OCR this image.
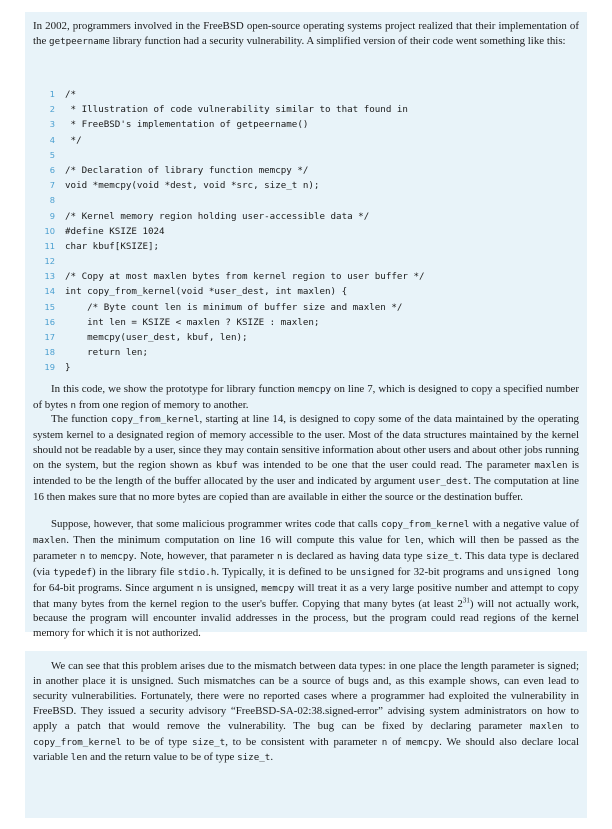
In 2002, programmers involved in the FreeBSD open-source operating systems project realized that their implementation of the getpeername library function had a security vulnerability. A simplified version of their code went something like this:
1 /*
2 * Illustration of code vulnerability similar to that found in
3 * FreeBSD's implementation of getpeername()
4 */
5
6 /* Declaration of library function memcpy */
7 void *memcpy(void *dest, void *src, size_t n);
8
9 /* Kernel memory region holding user-accessible data */
10 #define KSIZE 1024
11 char kbuf[KSIZE];
12
13 /* Copy at most maxlen bytes from kernel region to user buffer */
14 int copy_from_kernel(void *user_dest, int maxlen) {
15 /* Byte count len is minimum of buffer size and maxlen */
16 int len = KSIZE < maxlen ? KSIZE : maxlen;
17 memcpy(user_dest, kbuf, len);
18 return len;
19 }
In this code, we show the prototype for library function memcpy on line 7, which is designed to copy a specified number of bytes n from one region of memory to another.
The function copy_from_kernel, starting at line 14, is designed to copy some of the data maintained by the operating system kernel to a designated region of memory accessible to the user. Most of the data structures maintained by the kernel should not be readable by a user, since they may contain sensitive information about other users and about other jobs running on the system, but the region shown as kbuf was intended to be one that the user could read. The parameter maxlen is intended to be the length of the buffer allocated by the user and indicated by argument user_dest. The computation at line 16 then makes sure that no more bytes are copied than are available in either the source or the destination buffer.
Suppose, however, that some malicious programmer writes code that calls copy_from_kernel with a negative value of maxlen. Then the minimum computation on line 16 will compute this value for len, which will then be passed as the parameter n to memcpy. Note, however, that parameter n is declared as having data type size_t. This data type is declared (via typedef) in the library file stdio.h. Typically, it is defined to be unsigned for 32-bit programs and unsigned long for 64-bit programs. Since argument n is unsigned, memcpy will treat it as a very large positive number and attempt to copy that many bytes from the kernel region to the user's buffer. Copying that many bytes (at least $2^{31}$) will not actually work, because the program will encounter invalid addresses in the process, but the program could read regions of the kernel memory for which it is not authorized.
We can see that this problem arises due to the mismatch between data types: in one place the length parameter is signed; in another place it is unsigned. Such mismatches can be a source of bugs and, as this example shows, can even lead to security vulnerabilities. Fortunately, there were no reported cases where a programmer had exploited the vulnerability in FreeBSD. They issued a security advisory “FreeBSD-SA-02:38.signed-error” advising system administrators on how to apply a patch that would remove the vulnerability. The bug can be fixed by declaring parameter maxlen to copy_from_kernel to be of type size_t, to be consistent with parameter n of memcpy. We should also declare local variable len and the return value to be of type size_t.
